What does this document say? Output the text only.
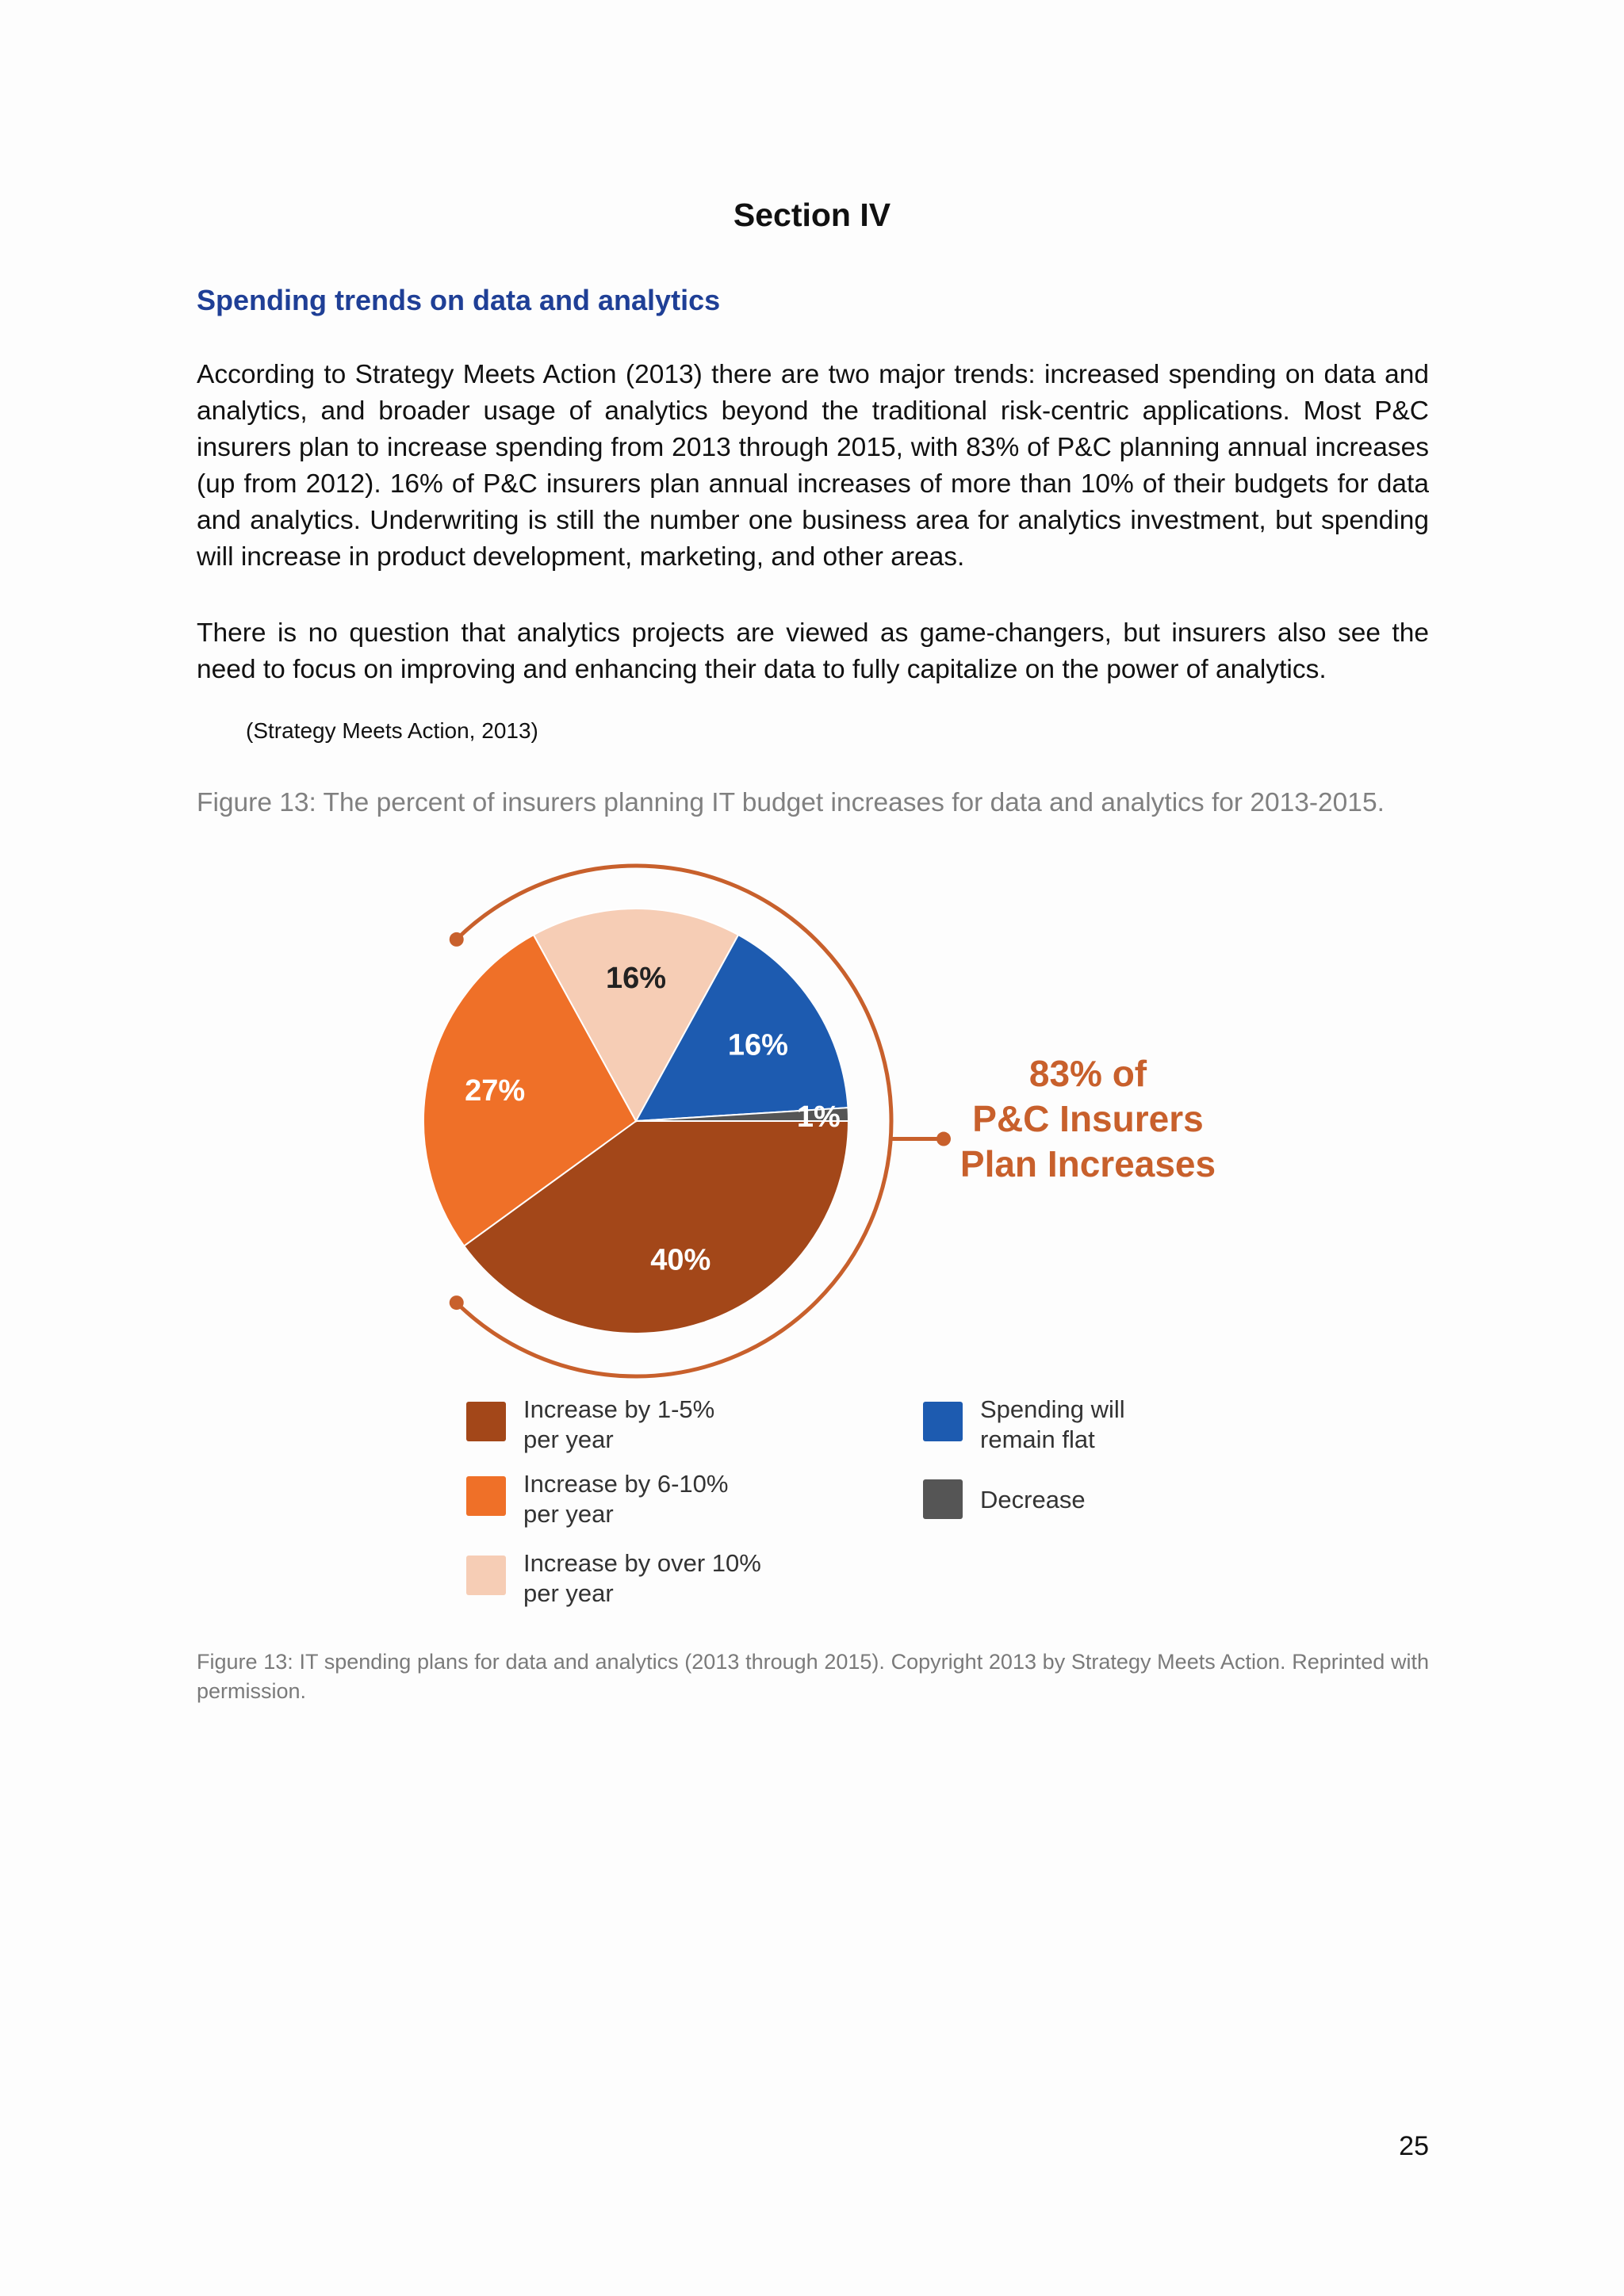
Section IV
Spending trends on data and analytics
According to Strategy Meets Action (2013) there are two major trends: increased spending on data and analytics, and broader usage of analytics beyond the traditional risk-centric applications. Most P&C insurers plan to increase spending from 2013 through 2015, with 83% of P&C planning annual increases (up from 2012). 16% of P&C insurers plan annual increases of more than 10% of their budgets for data and analytics. Underwriting is still the number one business area for analytics investment, but spending will increase in product development, marketing, and other areas.
There is no question that analytics projects are viewed as game-changers, but insurers also see the need to focus on improving and enhancing their data to fully capitalize on the power of analytics.
(Strategy Meets Action, 2013)
Figure 13: The percent of insurers planning IT budget increases for data and analytics for 2013-2015.
40%
27%
16%
16%
1%
83% of
P&C Insurers
Plan Increases
Increase by 1-5%
per year
Increase by 6-10%
per year
Increase by over 10%
per year
Spending will
remain flat
Decrease
Figure 13: IT spending plans for data and analytics (2013 through 2015). Copyright 2013 by Strategy Meets Action. Reprinted with permission.
25
